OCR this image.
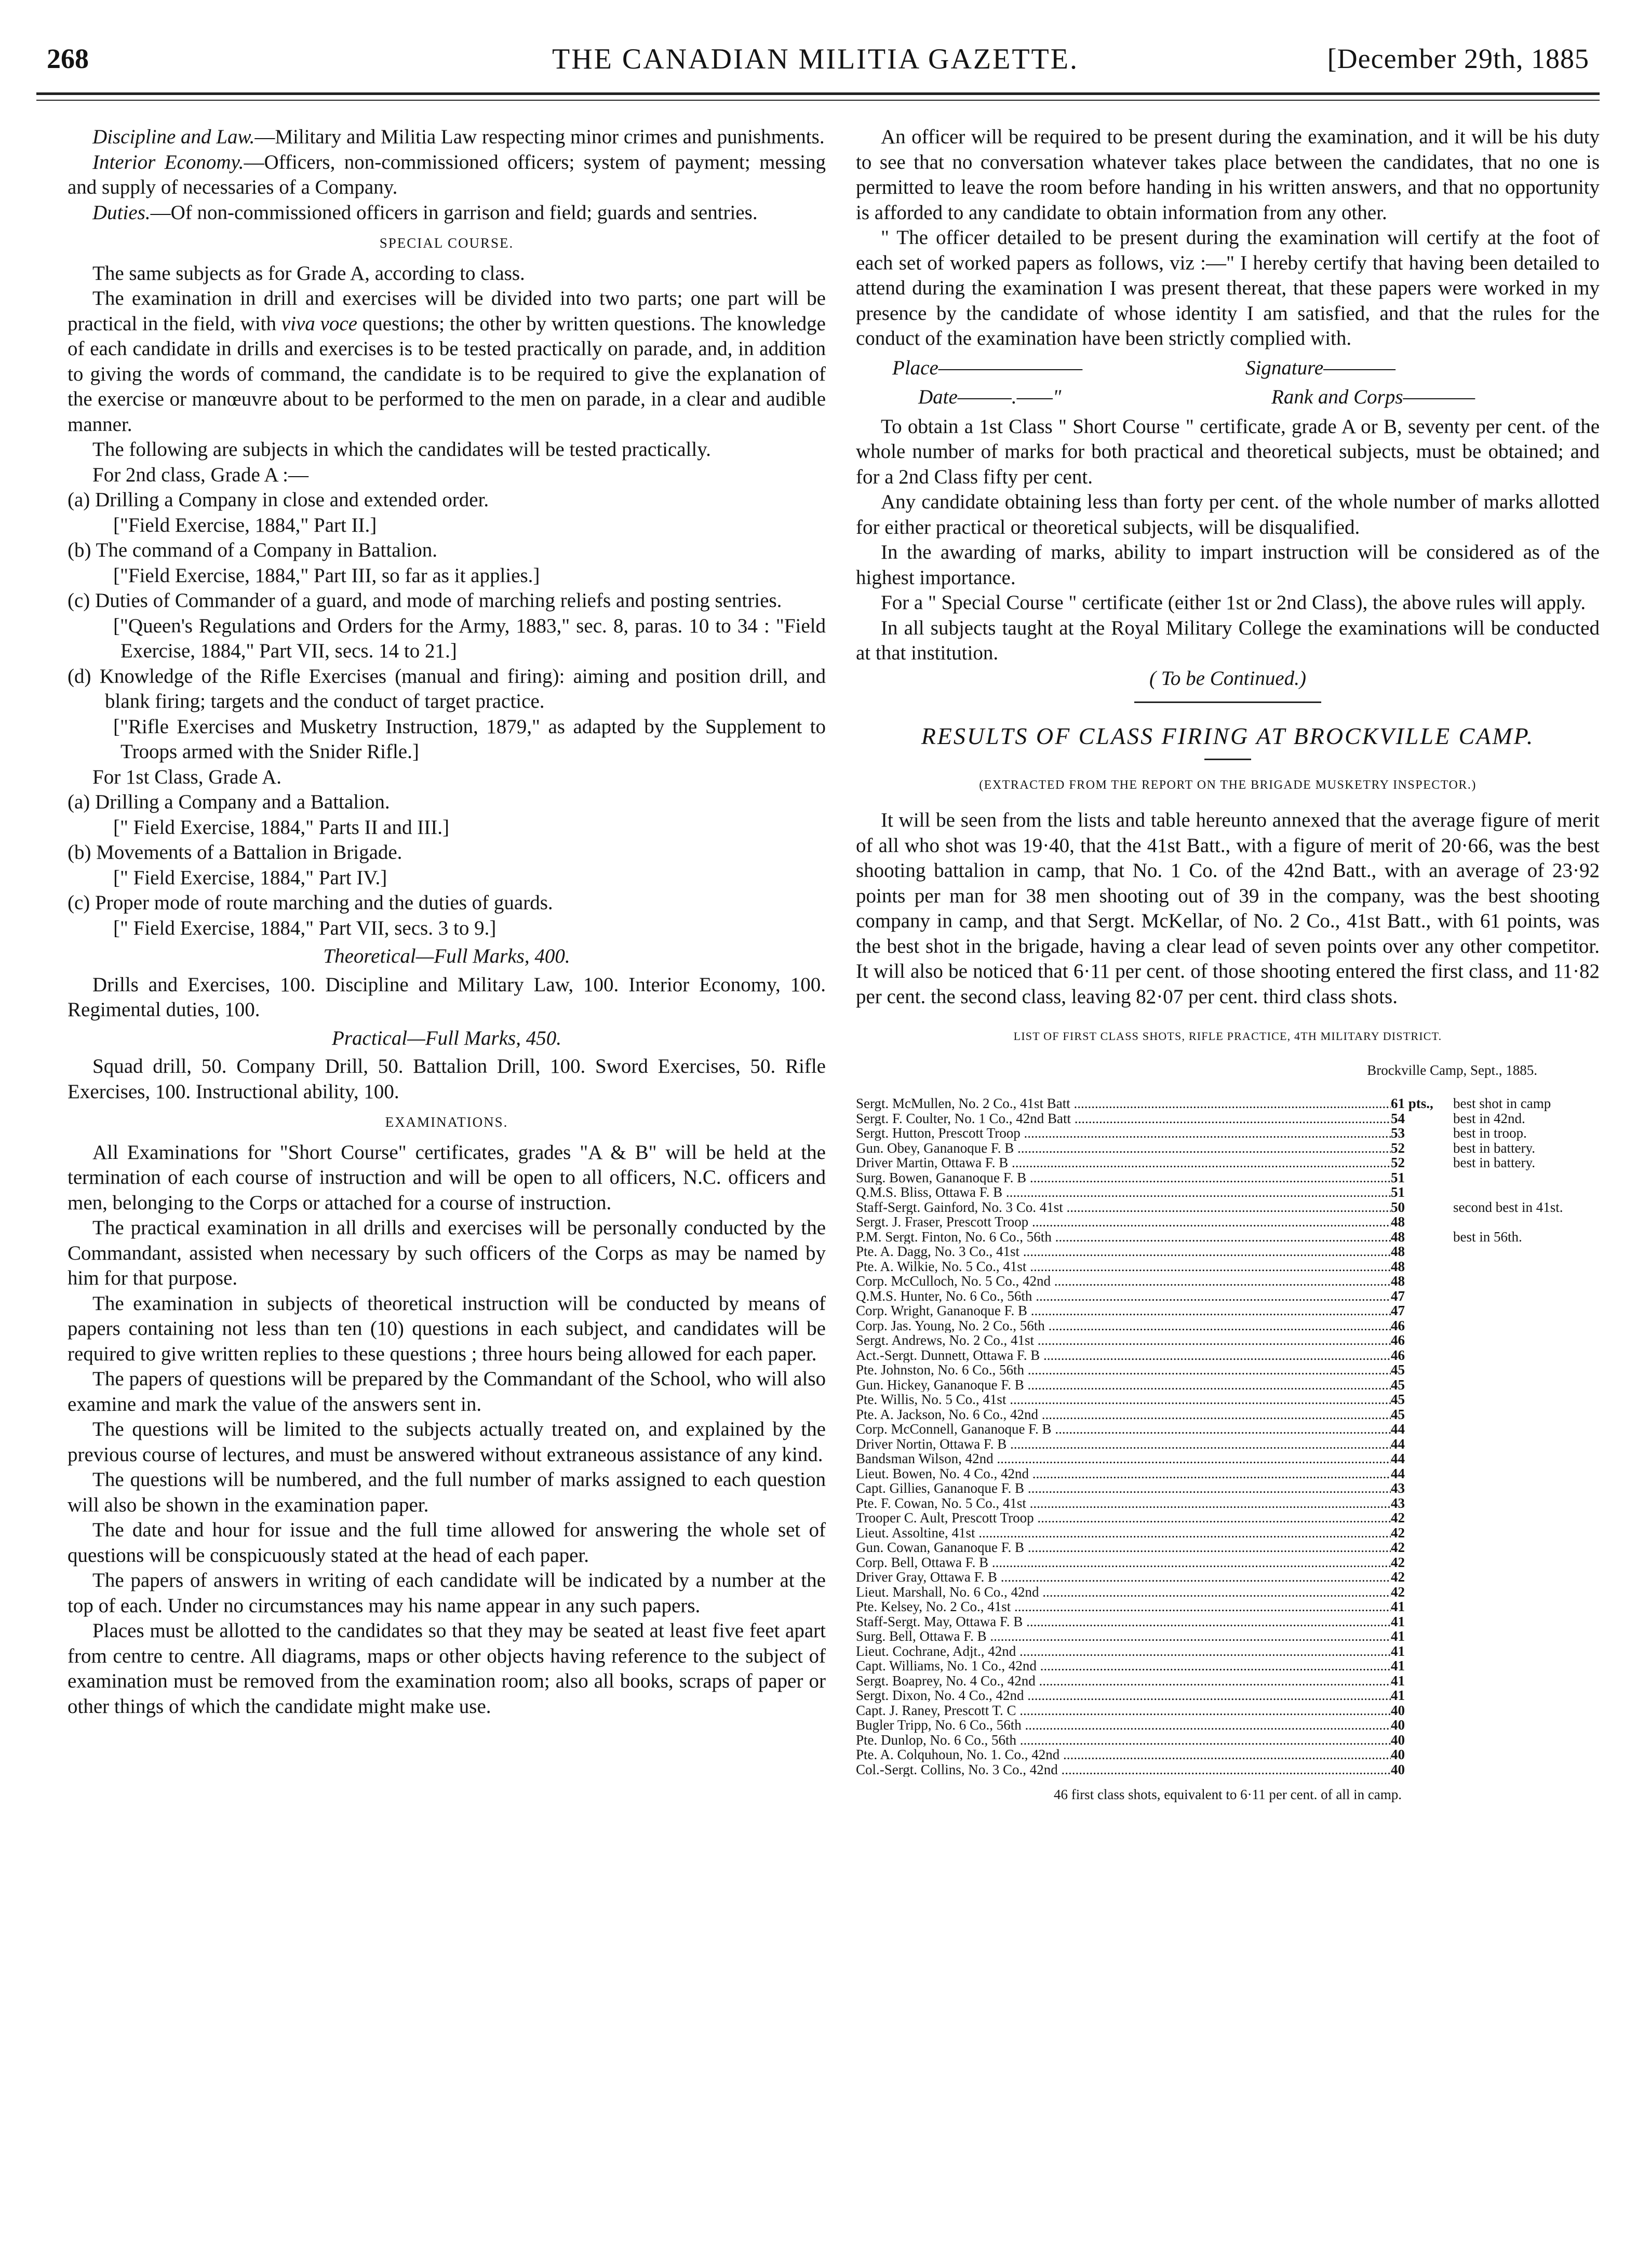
268	THE CANADIAN MILITIA GAZETTE.	[December 29th, 1885

Discipline and Law.—Military and Militia Law respecting minor crimes and punishments.

Interior Economy.—Officers, non-commissioned officers; system of payment; messing and supply of necessaries of a Company.

Duties.—Of non-commissioned officers in garrison and field; guards and sentries.

SPECIAL COURSE.

The same subjects as for Grade A, according to class.

The examination in drill and exercises will be divided into two parts; one part will be practical in the field, with viva voce questions; the other by written questions. The knowledge of each candidate in drills and exercises is to be tested practically on parade, and, in addition to giving the words of command, the candidate is to be required to give the explanation of the exercise or manœuvre about to be performed to the men on parade, in a clear and audible manner.

The following are subjects in which the candidates will be tested practically.

For 2nd class, Grade A :—

(a) Drilling a Company in close and extended order.

["Field Exercise, 1884," Part II.]

(b) The command of a Company in Battalion.

["Field Exercise, 1884," Part III, so far as it applies.]

(c) Duties of Commander of a guard, and mode of marching reliefs and posting sentries.

["Queen's Regulations and Orders for the Army, 1883," sec. 8, paras. 10 to 34 : "Field Exercise, 1884," Part VII, secs. 14 to 21.]

(d) Knowledge of the Rifle Exercises (manual and firing): aiming and position drill, and blank firing; targets and the conduct of target practice.

["Rifle Exercises and Musketry Instruction, 1879," as adapted by the Supplement to Troops armed with the Snider Rifle.]

For 1st Class, Grade A.

(a) Drilling a Company and a Battalion.

[" Field Exercise, 1884," Parts II and III.]

(b) Movements of a Battalion in Brigade.

[" Field Exercise, 1884," Part IV.]

(c) Proper mode of route marching and the duties of guards.

[" Field Exercise, 1884," Part VII, secs. 3 to 9.]

Theoretical—Full Marks, 400.

Drills and Exercises, 100. Discipline and Military Law, 100. Interior Economy, 100. Regimental duties, 100.

Practical—Full Marks, 450.

Squad drill, 50. Company Drill, 50. Battalion Drill, 100. Sword Exercises, 50. Rifle Exercises, 100. Instructional ability, 100.

EXAMINATIONS.

All Examinations for "Short Course" certificates, grades "A & B" will be held at the termination of each course of instruction and will be open to all officers, N.C. officers and men, belonging to the Corps or attached for a course of instruction.

The practical examination in all drills and exercises will be personally conducted by the Commandant, assisted when necessary by such officers of the Corps as may be named by him for that purpose.

The examination in subjects of theoretical instruction will be conducted by means of papers containing not less than ten (10) questions in each subject, and candidates will be required to give written replies to these questions ; three hours being allowed for each paper.

The papers of questions will be prepared by the Commandant of the School, who will also examine and mark the value of the answers sent in.

The questions will be limited to the subjects actually treated on, and explained by the previous course of lectures, and must be answered without extraneous assistance of any kind.

The questions will be numbered, and the full number of marks assigned to each question will also be shown in the examination paper.

The date and hour for issue and the full time allowed for answering the whole set of questions will be conspicuously stated at the head of each paper.

The papers of answers in writing of each candidate will be indicated by a number at the top of each. Under no circumstances may his name appear in any such papers.

Places must be allotted to the candidates so that they may be seated at least five feet apart from centre to centre. All diagrams, maps or other objects having reference to the subject of examination must be removed from the examination room; also all books, scraps of paper or other things of which the candidate might make use.

An officer will be required to be present during the examination, and it will be his duty to see that no conversation whatever takes place between the candidates, that no one is permitted to leave the room before handing in his written answers, and that no opportunity is afforded to any candidate to obtain information from any other.

" The officer detailed to be present during the examination will certify at the foot of each set of worked papers as follows, viz :—" I hereby certify that having been detailed to attend during the examination I was present thereat, that these papers were worked in my presence by the candidate of whose identity I am satisfied, and that the rules for the conduct of the examination have been strictly complied with.

Place————————	Signature————
Date———.——"	Rank and Corps————

To obtain a 1st Class " Short Course " certificate, grade A or B, seventy per cent. of the whole number of marks for both practical and theoretical subjects, must be obtained; and for a 2nd Class fifty per cent.

Any candidate obtaining less than forty per cent. of the whole number of marks allotted for either practical or theoretical subjects, will be disqualified.

In the awarding of marks, ability to impart instruction will be considered as of the highest importance.

For a " Special Course " certificate (either 1st or 2nd Class), the above rules will apply.

In all subjects taught at the Royal Military College the examinations will be conducted at that institution.

( To be Continued.)

RESULTS OF CLASS FIRING AT BROCKVILLE CAMP.

(EXTRACTED FROM THE REPORT ON THE BRIGADE MUSKETRY INSPECTOR.)

It will be seen from the lists and table hereunto annexed that the average figure of merit of all who shot was 19·40, that the 41st Batt., with a figure of merit of 20·66, was the best shooting battalion in camp, that No. 1 Co. of the 42nd Batt., with an average of 23·92 points per man for 38 men shooting out of 39 in the company, was the best shooting company in camp, and that Sergt. McKellar, of No. 2 Co., 41st Batt., with 61 points, was the best shot in the brigade, having a clear lead of seven points over any other competitor. It will also be noticed that 6·11 per cent. of those shooting entered the first class, and 11·82 per cent. the second class, leaving 82·07 per cent. third class shots.

LIST OF FIRST CLASS SHOTS, RIFLE PRACTICE, 4TH MILITARY DISTRICT.

Brockville Camp, Sept., 1885.

Sergt. McMullen, No. 2 Co., 41st Batt .....	61 pts.,	best shot in camp
Sergt. F. Coulter, No. 1 Co., 42nd Batt .....	54	best in 42nd.
Sergt. Hutton, Prescott Troop .....	53	best in troop.
Gun. Obey, Gananoque F. B .....	52	best in battery.
Driver Martin, Ottawa F. B .....	52	best in battery.
Surg. Bowen, Gananoque F. B .....	51
Q.M.S. Bliss, Ottawa F. B .....	51
Staff-Sergt. Gainford, No. 3 Co. 41st .....	50	second best in 41st.
Sergt. J. Fraser, Prescott Troop .....	48
P.M. Sergt. Finton, No. 6 Co., 56th .....	48	best in 56th.
Pte. A. Dagg, No. 3 Co., 41st .....	48
Pte. A. Wilkie, No. 5 Co., 41st .....	48
Corp. McCulloch, No. 5 Co., 42nd .....	48
Q.M.S. Hunter, No. 6 Co., 56th .....	47
Corp. Wright, Gananoque F. B .....	47
Corp. Jas. Young, No. 2 Co., 56th .....	46
Sergt. Andrews, No. 2 Co., 41st .....	46
Act.-Sergt. Dunnett, Ottawa F. B .....	46
Pte. Johnston, No. 6 Co., 56th .....	45
Gun. Hickey, Gananoque F. B .....	45
Pte. Willis, No. 5 Co., 41st .....	45
Pte. A. Jackson, No. 6 Co., 42nd .....	45
Corp. McConnell, Gananoque F. B .....	44
Driver Nortin, Ottawa F. B .....	44
Bandsman Wilson, 42nd .....	44
Lieut. Bowen, No. 4 Co., 42nd .....	44
Capt. Gillies, Gananoque F. B .....	43
Pte. F. Cowan, No. 5 Co., 41st .....	43
Trooper C. Ault, Prescott Troop .....	42
Lieut. Assoltine, 41st .....	42
Gun. Cowan, Gananoque F. B .....	42
Corp. Bell, Ottawa F. B .....	42
Driver Gray, Ottawa F. B .....	42
Lieut. Marshall, No. 6 Co., 42nd .....	42
Pte. Kelsey, No. 2 Co., 41st .....	41
Staff-Sergt. May, Ottawa F. B .....	41
Surg. Bell, Ottawa F. B .....	41
Lieut. Cochrane, Adjt., 42nd .....	41
Capt. Williams, No. 1 Co., 42nd .....	41
Sergt. Boaprey, No. 4 Co., 42nd .....	41
Sergt. Dixon, No. 4 Co., 42nd .....	41
Capt. J. Raney, Prescott T. C .....	40
Bugler Tripp, No. 6 Co., 56th .....	40
Pte. Dunlop, No. 6 Co., 56th .....	40
Pte. A. Colquhoun, No. 1. Co., 42nd .....	40
Col.-Sergt. Collins, No. 3 Co., 42nd .....	40

46 first class shots, equivalent to 6·11 per cent. of all in camp.
